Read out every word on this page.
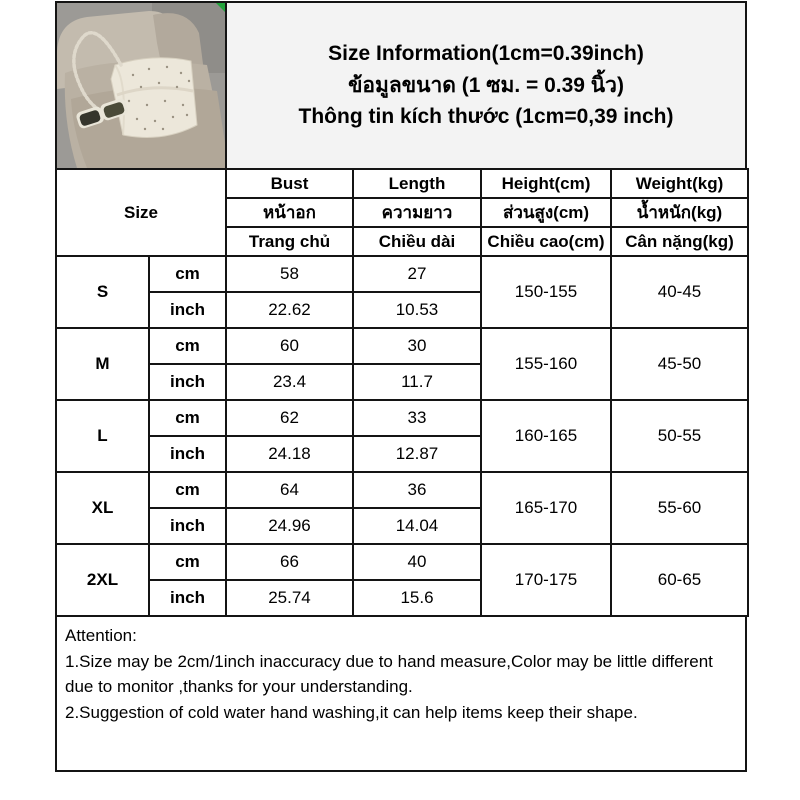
Size Information(1cm=0.39inch)
ข้อมูลขนาด (1 ซม. = 0.39 นิ้ว)
Thông tin kích thước (1cm=0,39 inch)
Size		Bust	Length	Height(cm)	Weight(kg)
		หน้าอก	ความยาว	ส่วนสูง(cm)	น้ำหนัก(kg)
		Trang chủ	Chiều dài	Chiều cao(cm)	Cân nặng(kg)
S	cm	58	27	150-155	40-45
	inch	22.62	10.53		
M	cm	60	30	155-160	45-50
	inch	23.4	11.7		
L	cm	62	33	160-165	50-55
	inch	24.18	12.87		
XL	cm	64	36	165-170	55-60
	inch	24.96	14.04		
2XL	cm	66	40	170-175	60-65
	inch	25.74	15.6		

Attention:

1.Size may be 2cm/1inch inaccuracy due to hand measure,Color may be little different due to monitor ,thanks for your understanding.

2.Suggestion of cold water hand washing,it can help items keep their shape.
